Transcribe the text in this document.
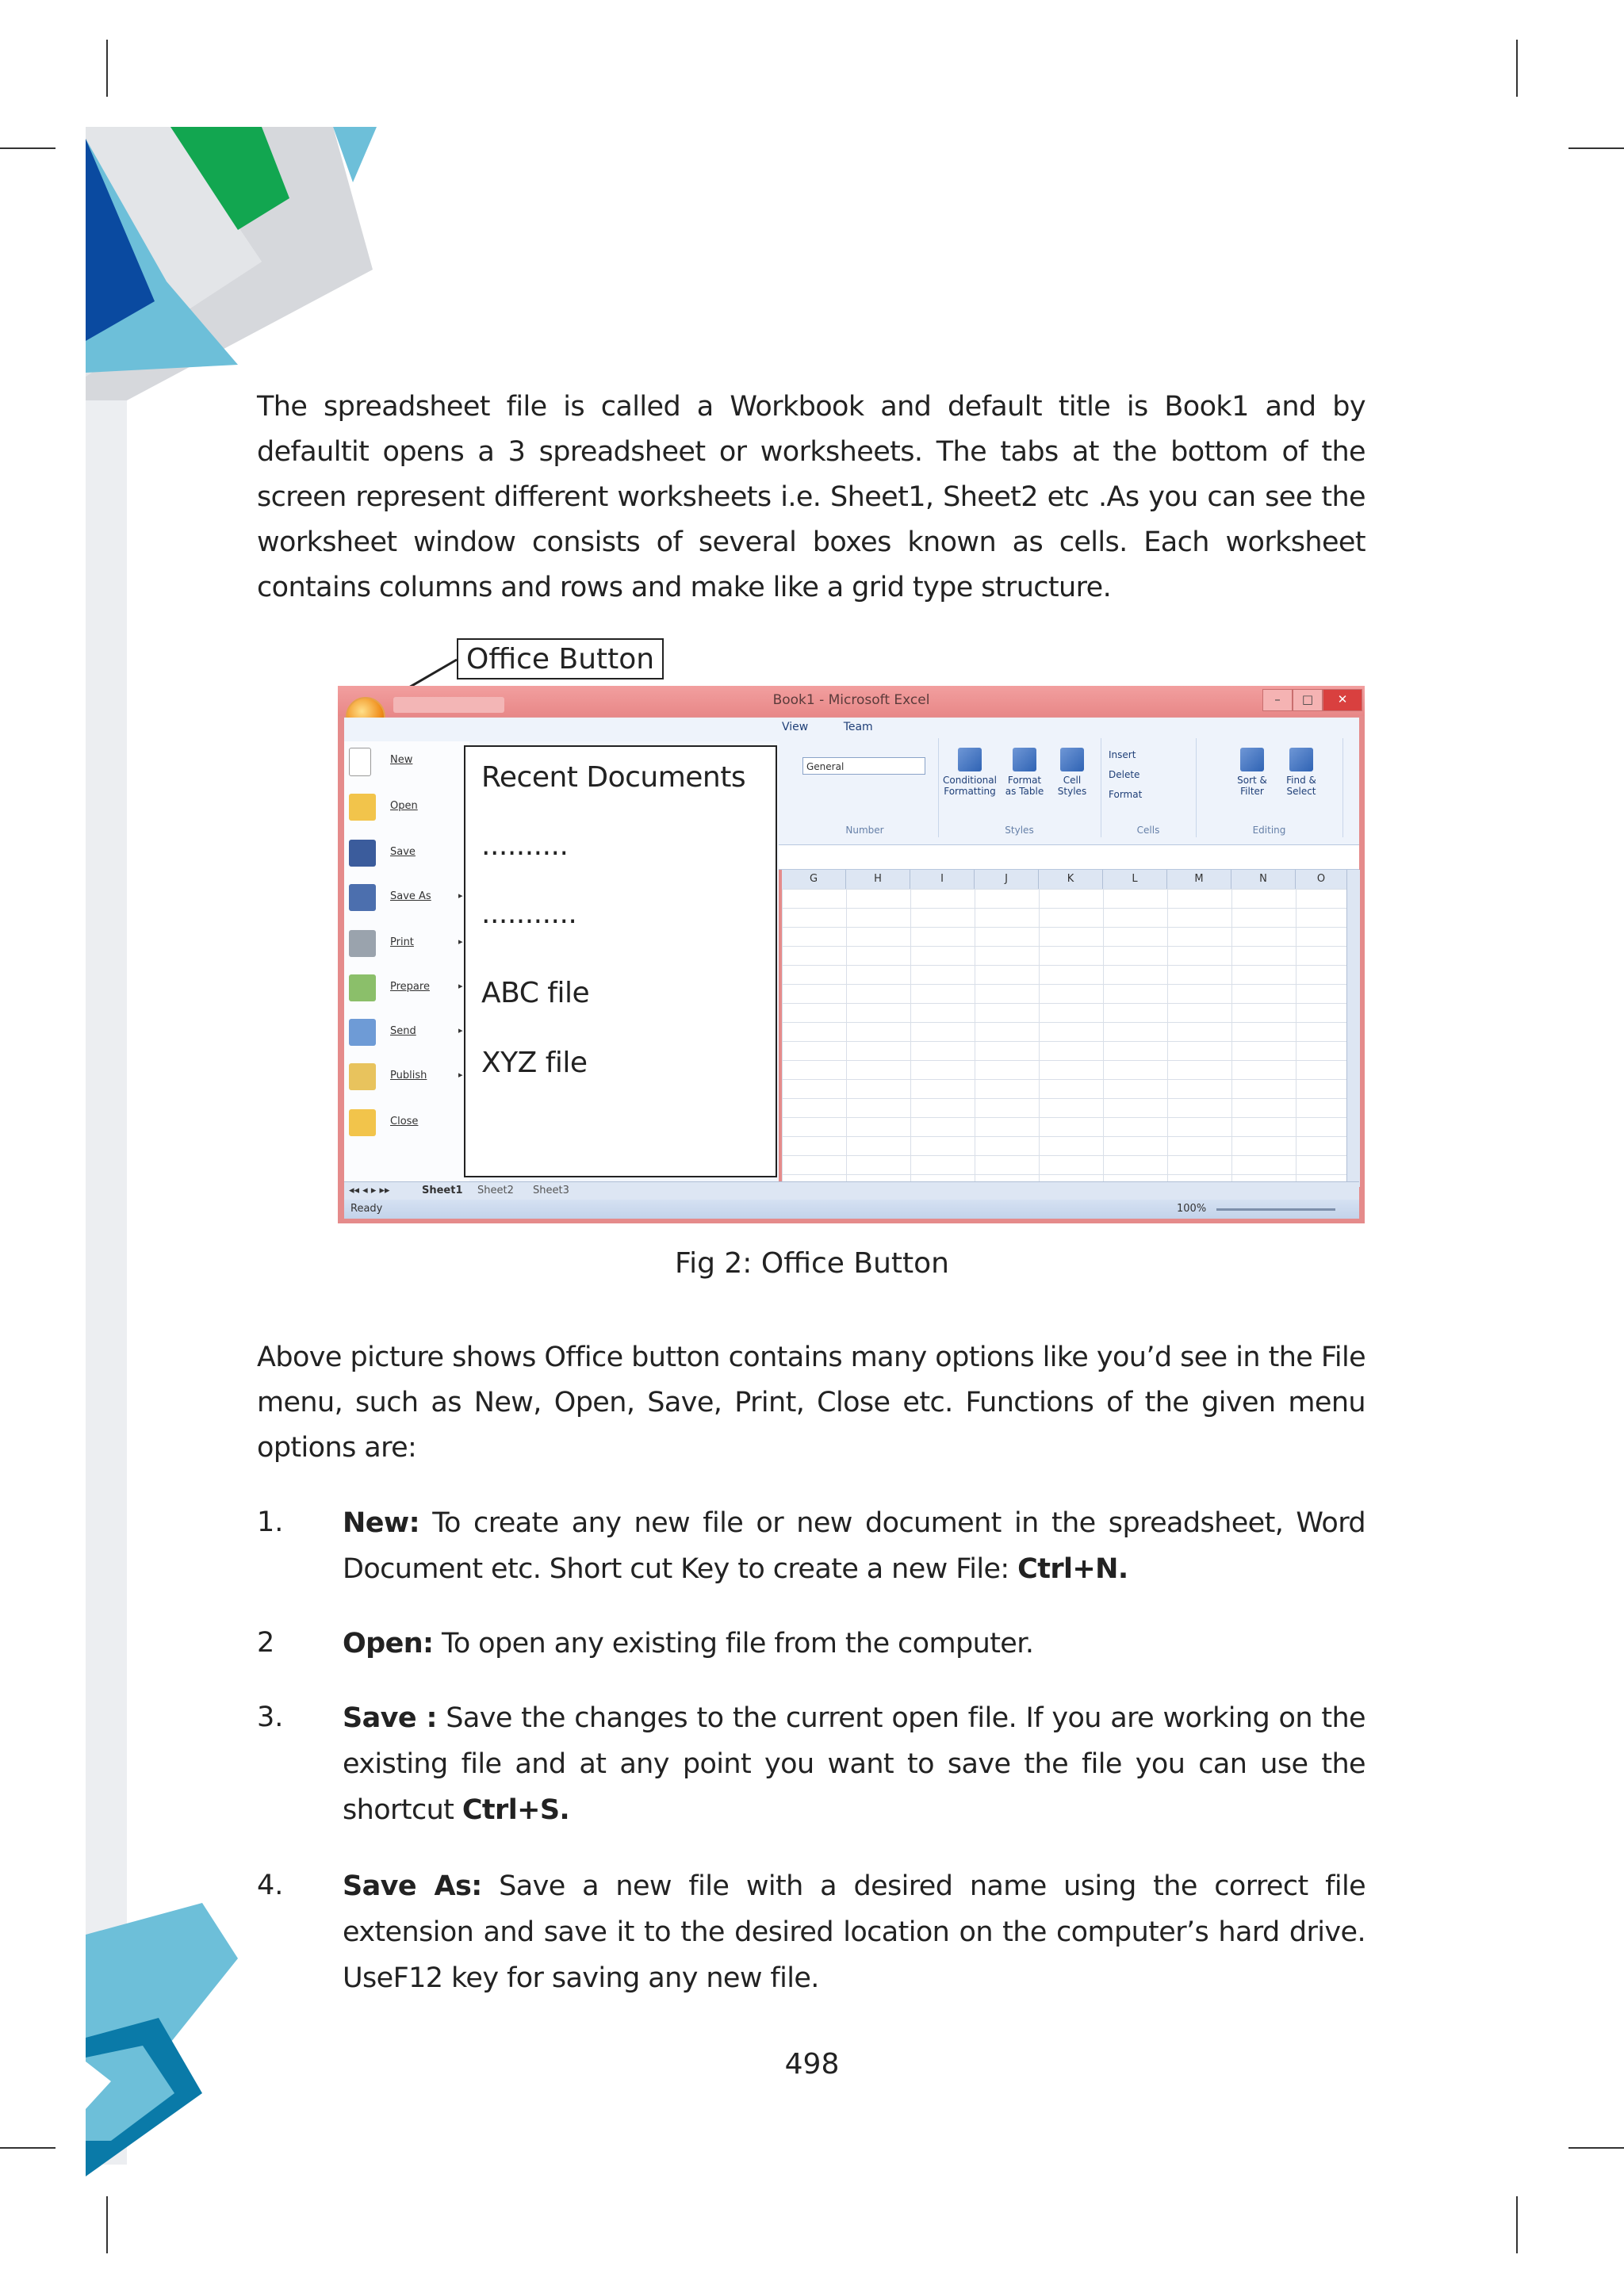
The spreadsheet file is called a Workbook and default title is Book1 and by defaultit opens a 3 spreadsheet or worksheets. The tabs at the bottom of the screen represent different worksheets i.e. Sheet1, Sheet2 etc .As you can see the worksheet window consists of several boxes known as cells. Each worksheet contains columns and rows and make like a grid type structure.
Office Button
Book1 - Microsoft Excel	–	□	✕
View	Team
General
Number	Styles	Cells	Editing
Conditional Formatting
Format as Table
Cell Styles
Insert
Delete
Format
Sort & Filter
Find & Select
G	H	I	J	K	L	M	N	O
New
Open
Save
Save As	▸
Print	▸
Prepare	▸
Send	▸
Publish	▸
Close
◂◂ ◂ ▸ ▸▸	Sheet1 Sheet2 Sheet3
Ready	100%
Recent Documents
..........
...........
ABC file
XYZ file
Fig 2: Office Button
Above picture shows Office button contains many options like you’d see in the File menu, such as New, Open, Save, Print, Close etc. Functions of the given menu options are:
1. New: To create any new file or new document in the spreadsheet, Word Document etc. Short cut Key to create a new File: Ctrl+N.
2 Open: To open any existing file from the computer.
3. Save : Save the changes to the current open file. If you are working on the existing file and at any point you want to save the file you can use the shortcut Ctrl+S.
4. Save As: Save a new file with a desired name using the correct file extension and save it to the desired location on the computer’s hard drive. UseF12 key for saving any new file.
498
